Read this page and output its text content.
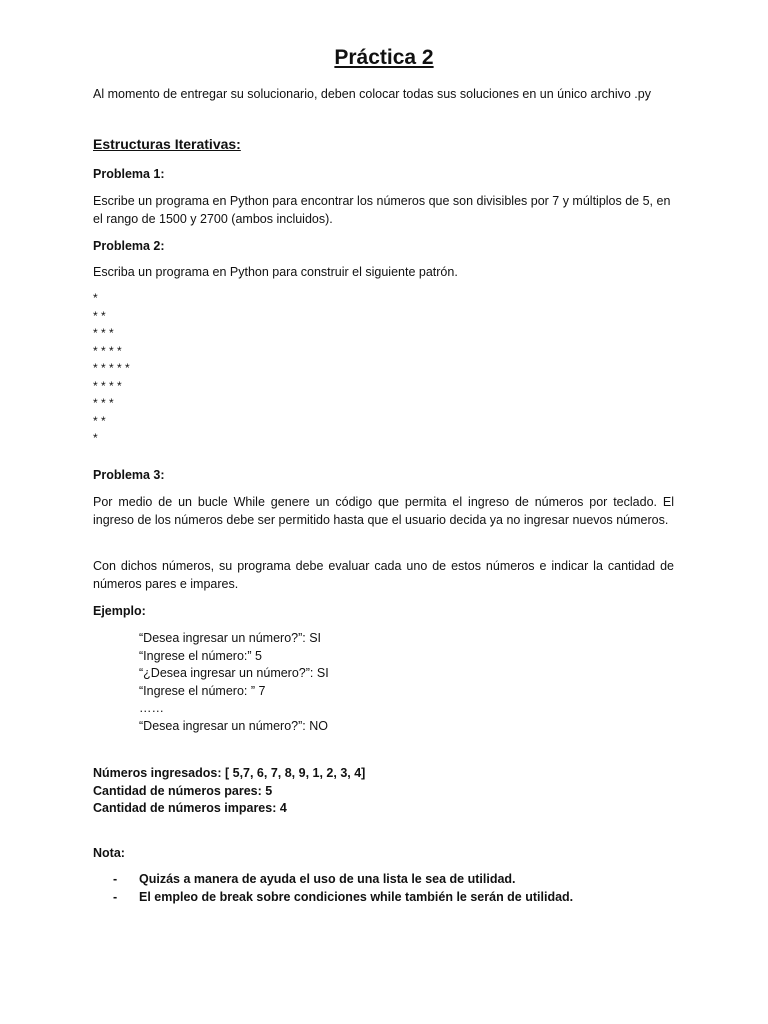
Práctica 2
Al momento de entregar su solucionario, deben colocar todas sus soluciones en un único archivo .py
Estructuras Iterativas:
Problema 1:
Escribe un programa en Python para encontrar los números que son divisibles por 7 y múltiplos de 5, en el rango de 1500 y 2700 (ambos incluidos).
Problema 2:
Escriba un programa en Python para construir el siguiente patrón.
*
* *
* * *
* * * *
* * * * *
* * * *
* * *
* *
*
Problema 3:
Por medio de un bucle While genere un código que permita el ingreso de números por teclado. El ingreso de los números debe ser permitido hasta que el usuario decida ya no ingresar nuevos números.
Con dichos números, su programa debe evaluar cada uno de estos números e indicar la cantidad de números pares e impares.
Ejemplo:
“Desea ingresar un número?”: SI
“Ingrese el número:” 5
“¿Desea ingresar un número?”: SI
“Ingrese el número: ” 7
……
“Desea ingresar un número?”: NO
Números ingresados: [ 5,7, 6, 7, 8, 9, 1, 2, 3, 4]
Cantidad de números pares: 5
Cantidad de números impares: 4
Nota:
-	Quizás a manera de ayuda el uso de una lista le sea de utilidad.
-	El empleo de break sobre condiciones while también le serán de utilidad.
